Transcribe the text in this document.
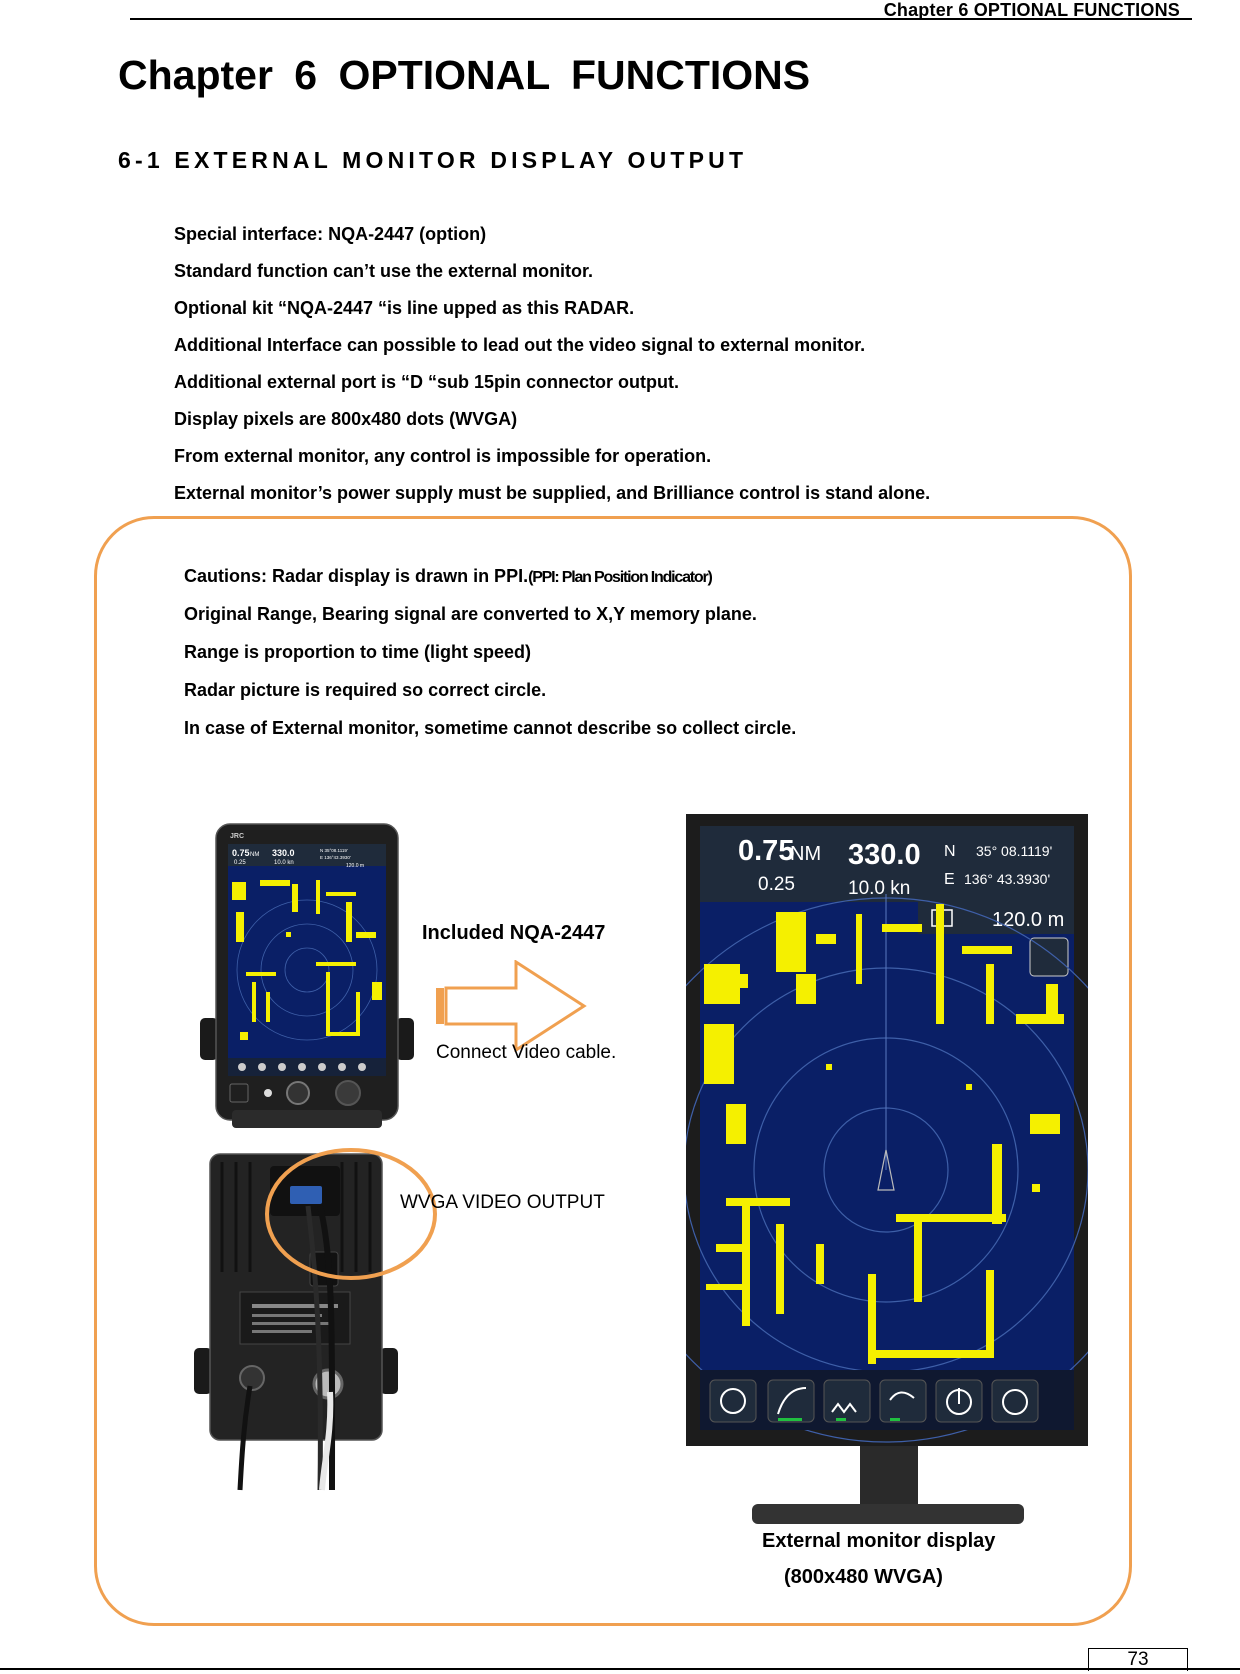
Chapter 6 OPTIONAL FUNCTIONS
Chapter 6 OPTIONAL FUNCTIONS
6-1 EXTERNAL MONITOR DISPLAY OUTPUT
Special interface: NQA-2447 (option)
Standard function can’t use the external monitor.
Optional kit “NQA-2447 “is line upped as this RADAR.
Additional Interface can possible to lead out the video signal to external monitor.
Additional external port is “D “sub 15pin connector output.
Display pixels are 800x480 dots (WVGA)
From external monitor, any control is impossible for operation.
External monitor’s power supply must be supplied, and Brilliance control is stand alone.
Cautions: Radar display is drawn in PPI.(PPI: Plan Position Indicator)
Original Range, Bearing signal are converted to X,Y memory plane.
Range is proportion to time (light speed)
Radar picture is required so correct circle.
In case of External monitor, sometime cannot describe so collect circle.
JRC
0.75 NM
0.25
330.0
10.0 kn
N 35°08.1119'
E 136°43.3930'
120.0 m
Included NQA-2447
Connect Video cable.
WVGA VIDEO OUTPUT
0.75
NM
0.25
330.0
10.0 kn
N 35° 08.1119'
E 136° 43.3930'
120.0 m
External monitor display
(800x480 WVGA)
73
